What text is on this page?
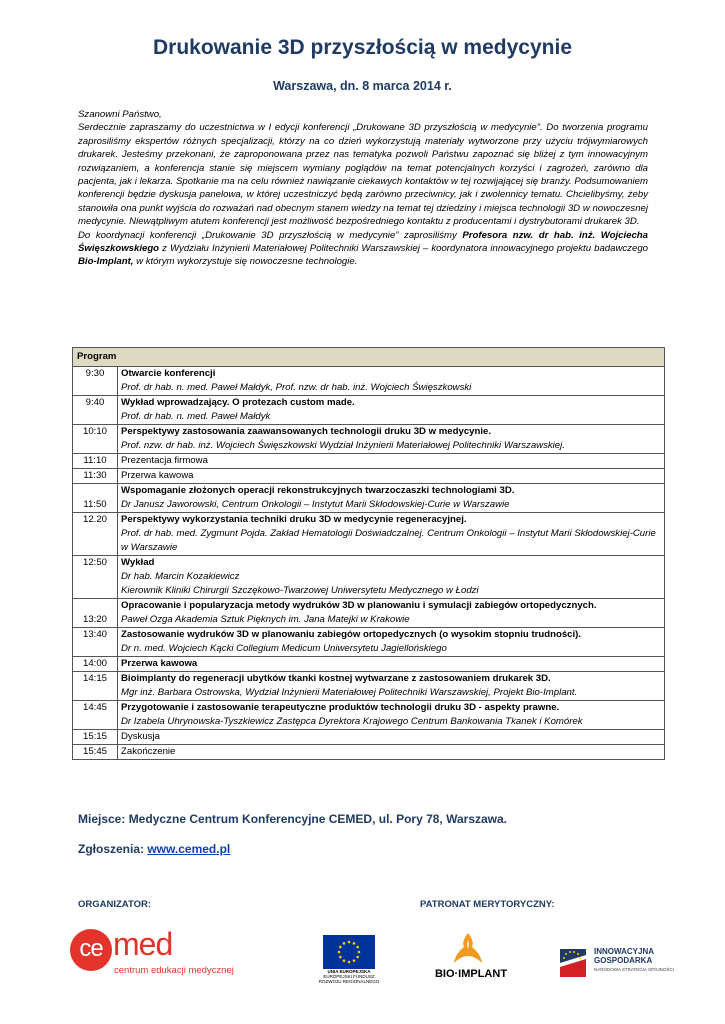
Drukowanie 3D przyszłością w medycynie
Warszawa, dn. 8 marca 2014 r.

Szanowni Państwo,

Serdecznie zapraszamy do uczestnictwa w I edycji konferencji „Drukowane 3D przyszłością w medycynie”. Do tworzenia programu zaprosiliśmy ekspertów różnych specjalizacji, którzy na co dzień wykorzystują materiały wytworzone przy użyciu trójwymiarowych drukarek. Jesteśmy przekonani, że zaproponowana przez nas tematyka pozwoli Państwu zapoznać się bliżej z tym innowacyjnym rozwiązaniem, a konferencja stanie się miejscem wymiany poglądów na temat potencjalnych korzyści i zagrożeń, zarówno dla pacjenta, jak i lekarza. Spotkanie ma na celu również nawiązanie ciekawych kontaktów w tej rozwijającej się branży. Podsumowaniem konferencji będzie dyskusja panelowa, w której uczestniczyć będą zarówno przeciwnicy, jak i zwolennicy tematu. Chcielibyśmy, żeby stanowiła ona punkt wyjścia do rozważań nad obecnym stanem wiedzy na temat tej dziedziny i miejsca technologii 3D w nowoczesnej medycynie. Niewątpliwym atutem konferencji jest możliwość bezpośredniego kontaktu z producentami i dystrybutorami drukarek 3D.

Do koordynacji konferencji „Drukowanie 3D przyszłością w medycynie” zaprosiliśmy Profesora nzw. dr hab. inż. Wojciecha Święszkowskiego z Wydziału Inżynierii Materiałowej Politechniki Warszawskiej – koordynatora innowacyjnego projektu badawczego Bio-Implant, w którym wykorzystuje się nowoczesne technologie.

Program	
9:30	Otwarcie konferencji
Prof. dr hab. n. med. Paweł Małdyk, Prof. nzw. dr hab. inż. Wojciech Święszkowski

9:40	Wykład wprowadzający. O protezach custom made.
Prof. dr hab. n. med. Paweł Małdyk

10:10	Perspektywy zastosowania zaawansowanych technologii druku 3D w medycynie.
Prof. nzw. dr hab. inż. Wojciech Święszkowski Wydział Inżynierii Materiałowej Politechniki Warszawskiej.

11:10	Prezentacja firmowa
11:30	Przerwa kawowa
11:50	Wspomaganie złożonych operacji rekonstrukcyjnych twarzoczaszki technologiami 3D.
Dr Janusz Jaworowski, Centrum Onkologii – Instytut Marii Skłodowskiej-Curie w Warszawie

12.20	Perspektywy wykorzystania techniki druku 3D w medycynie regeneracyjnej.
Prof. dr hab. med. Zygmunt Pojda. Zakład Hematologii Doświadczalnej. Centrum Onkologii – Instytut Marii Skłodowskiej-Curie w Warszawie

12:50	Wykład
Dr hab. Marcin Kozakiewicz
Kierownik Kliniki Chirurgii Szczękowo-Twarzowej Uniwersytetu Medycznego w Łodzi

13:20	Opracowanie i popularyzacja metody wydruków 3D w planowaniu i symulacji zabiegów ortopedycznych.
Paweł Ozga Akademia Sztuk Pięknych im. Jana Matejki w Krakowie

13:40	Zastosowanie wydruków 3D w planowaniu zabiegów ortopedycznych (o wysokim stopniu trudności).
Dr n. med. Wojciech Kącki Collegium Medicum Uniwersytetu Jagiellońskiego

14:00	Przerwa kawowa
14:15	Bioimplanty do regeneracji ubytków tkanki kostnej wytwarzane z zastosowaniem drukarek 3D.
Mgr inż. Barbara Ostrowska, Wydział Inżynierii Materiałowej Politechniki Warszawskiej, Projekt Bio-Implant.

14:45	Przygotowanie i zastosowanie terapeutyczne produktów technologii druku 3D - aspekty prawne.
Dr Izabela Uhrynowska-Tyszkiewicz Zastępca Dyrektora Krajowego Centrum Bankowania Tkanek i Komórek

15:15	Dyskusja
15:45	Zakończenie
Miejsce: Medyczne Centrum Konferencyjne CEMED, ul. Pory 78, Warszawa.
Zgłoszenia: www.cemed.pl
ORGANIZATOR:	PATRONAT MERYTORYCZNY:
ce med
centrum edukacji medycznej	UNIA EUROPEJSKA
EUROPEJSKI FUNDUSZ
ROZWOJU REGIONALNEGO
BIO·IMPLANT
INNOWACYJNA
GOSPODARKA
NARODOWA STRATEGIA SPÓJNOŚCI
